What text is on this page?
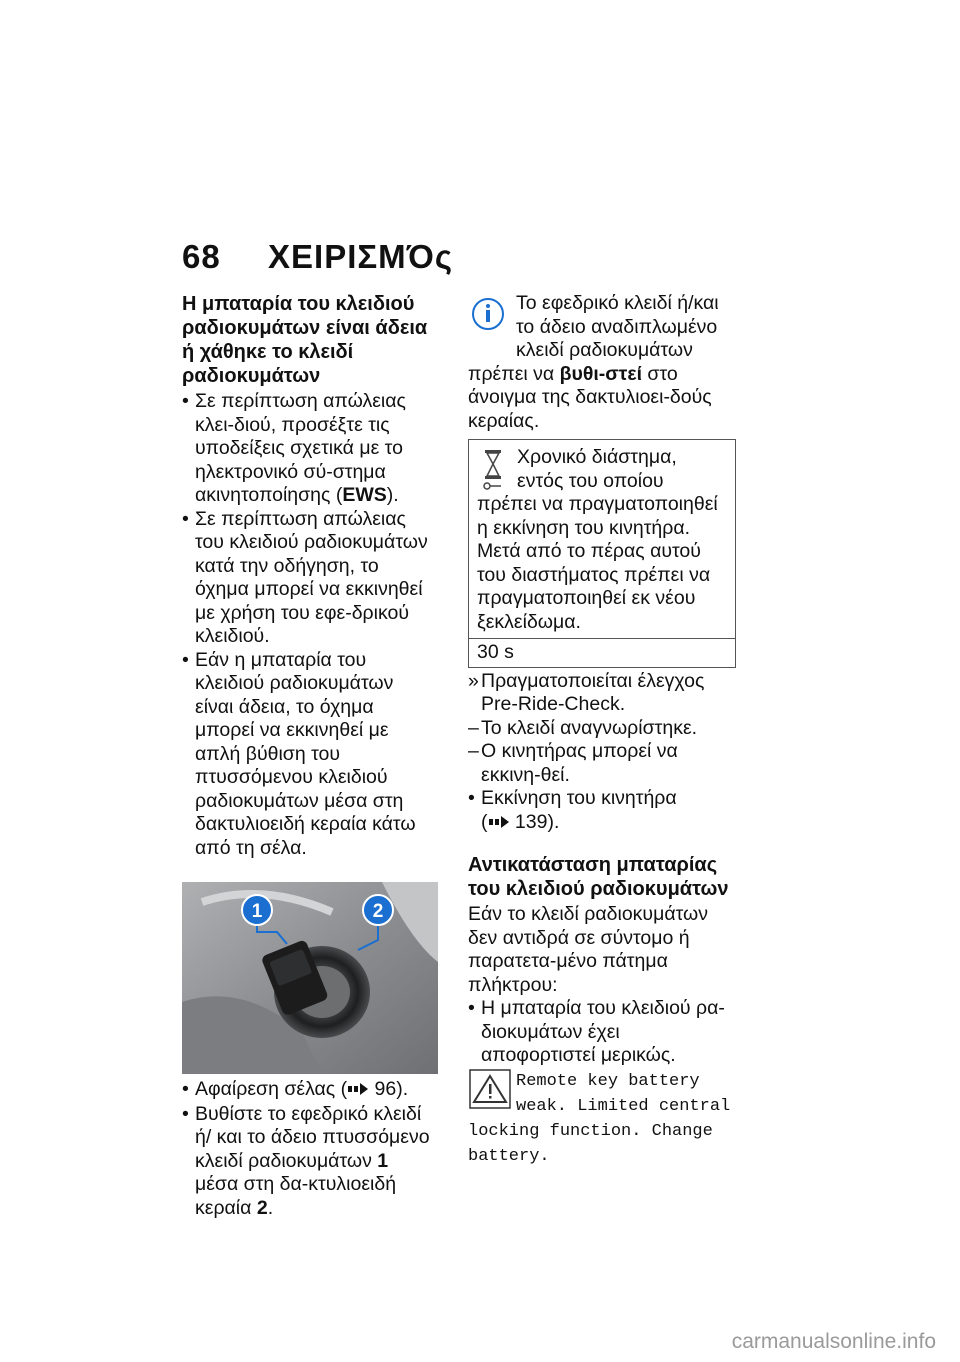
68 ΧΕΙΡΙΣΜΌς
Η μπαταρία του κλειδιού ραδιοκυμάτων είναι άδεια ή χάθηκε το κλειδί ραδιοκυμάτων
• Σε περίπτωση απώλειας κλει-διού, προσέξτε τις υποδείξεις σχετικά με το ηλεκτρονικό σύ-στημα ακινητοποίησης (EWS).
• Σε περίπτωση απώλειας του κλειδιού ραδιοκυμάτων κατά την οδήγηση, το όχημα μπορεί να εκκινηθεί με χρήση του εφε-δρικού κλειδιού.
• Εάν η μπαταρία του κλειδιού ραδιοκυμάτων είναι άδεια, το όχημα μπορεί να εκκινηθεί με απλή βύθιση του πτυσσόμενου κλειδιού ραδιοκυμάτων μέσα στη δακτυλιοειδή κεραία κάτω από τη σέλα.
1	2
• Αφαίρεση σέλας ( 96).
• Βυθίστε το εφεδρικό κλειδί ή/ και το άδειο πτυσσόμενο κλειδί ραδιοκυμάτων 1 μέσα στη δα-κτυλιοειδή κεραία 2.
Το εφεδρικό κλειδί ή/και το άδειο αναδιπλωμένο κλειδί ραδιοκυμάτων πρέπει να βυθι-στεί στο άνοιγμα της δακτυλιοει-δούς κεραίας.
Χρονικό διάστημα, εντός του οποίου πρέπει να πραγματοποιηθεί η εκκίνηση του κινητήρα. Μετά από το πέρας αυτού του διαστήματος πρέπει να πραγματοποιηθεί εκ νέου ξεκλείδωμα.
30 s
» Πραγματοποιείται έλεγχος Pre-Ride-Check.
– Το κλειδί αναγνωρίστηκε.
– Ο κινητήρας μπορεί να εκκινη-θεί.
• Εκκίνηση του κινητήρα
( 139).
Αντικατάσταση μπαταρίας του κλειδιού ραδιοκυμάτων

Εάν το κλειδί ραδιοκυμάτων δεν αντιδρά σε σύντομο ή παρατετα-μένο πάτημα πλήκτρου:

• Η μπαταρία του κλειδιού ρα-διοκυμάτων έχει αποφορτιστεί μερικώς.
Remote key battery weak. Limited central locking function. Change battery.
carmanualsonline.info
